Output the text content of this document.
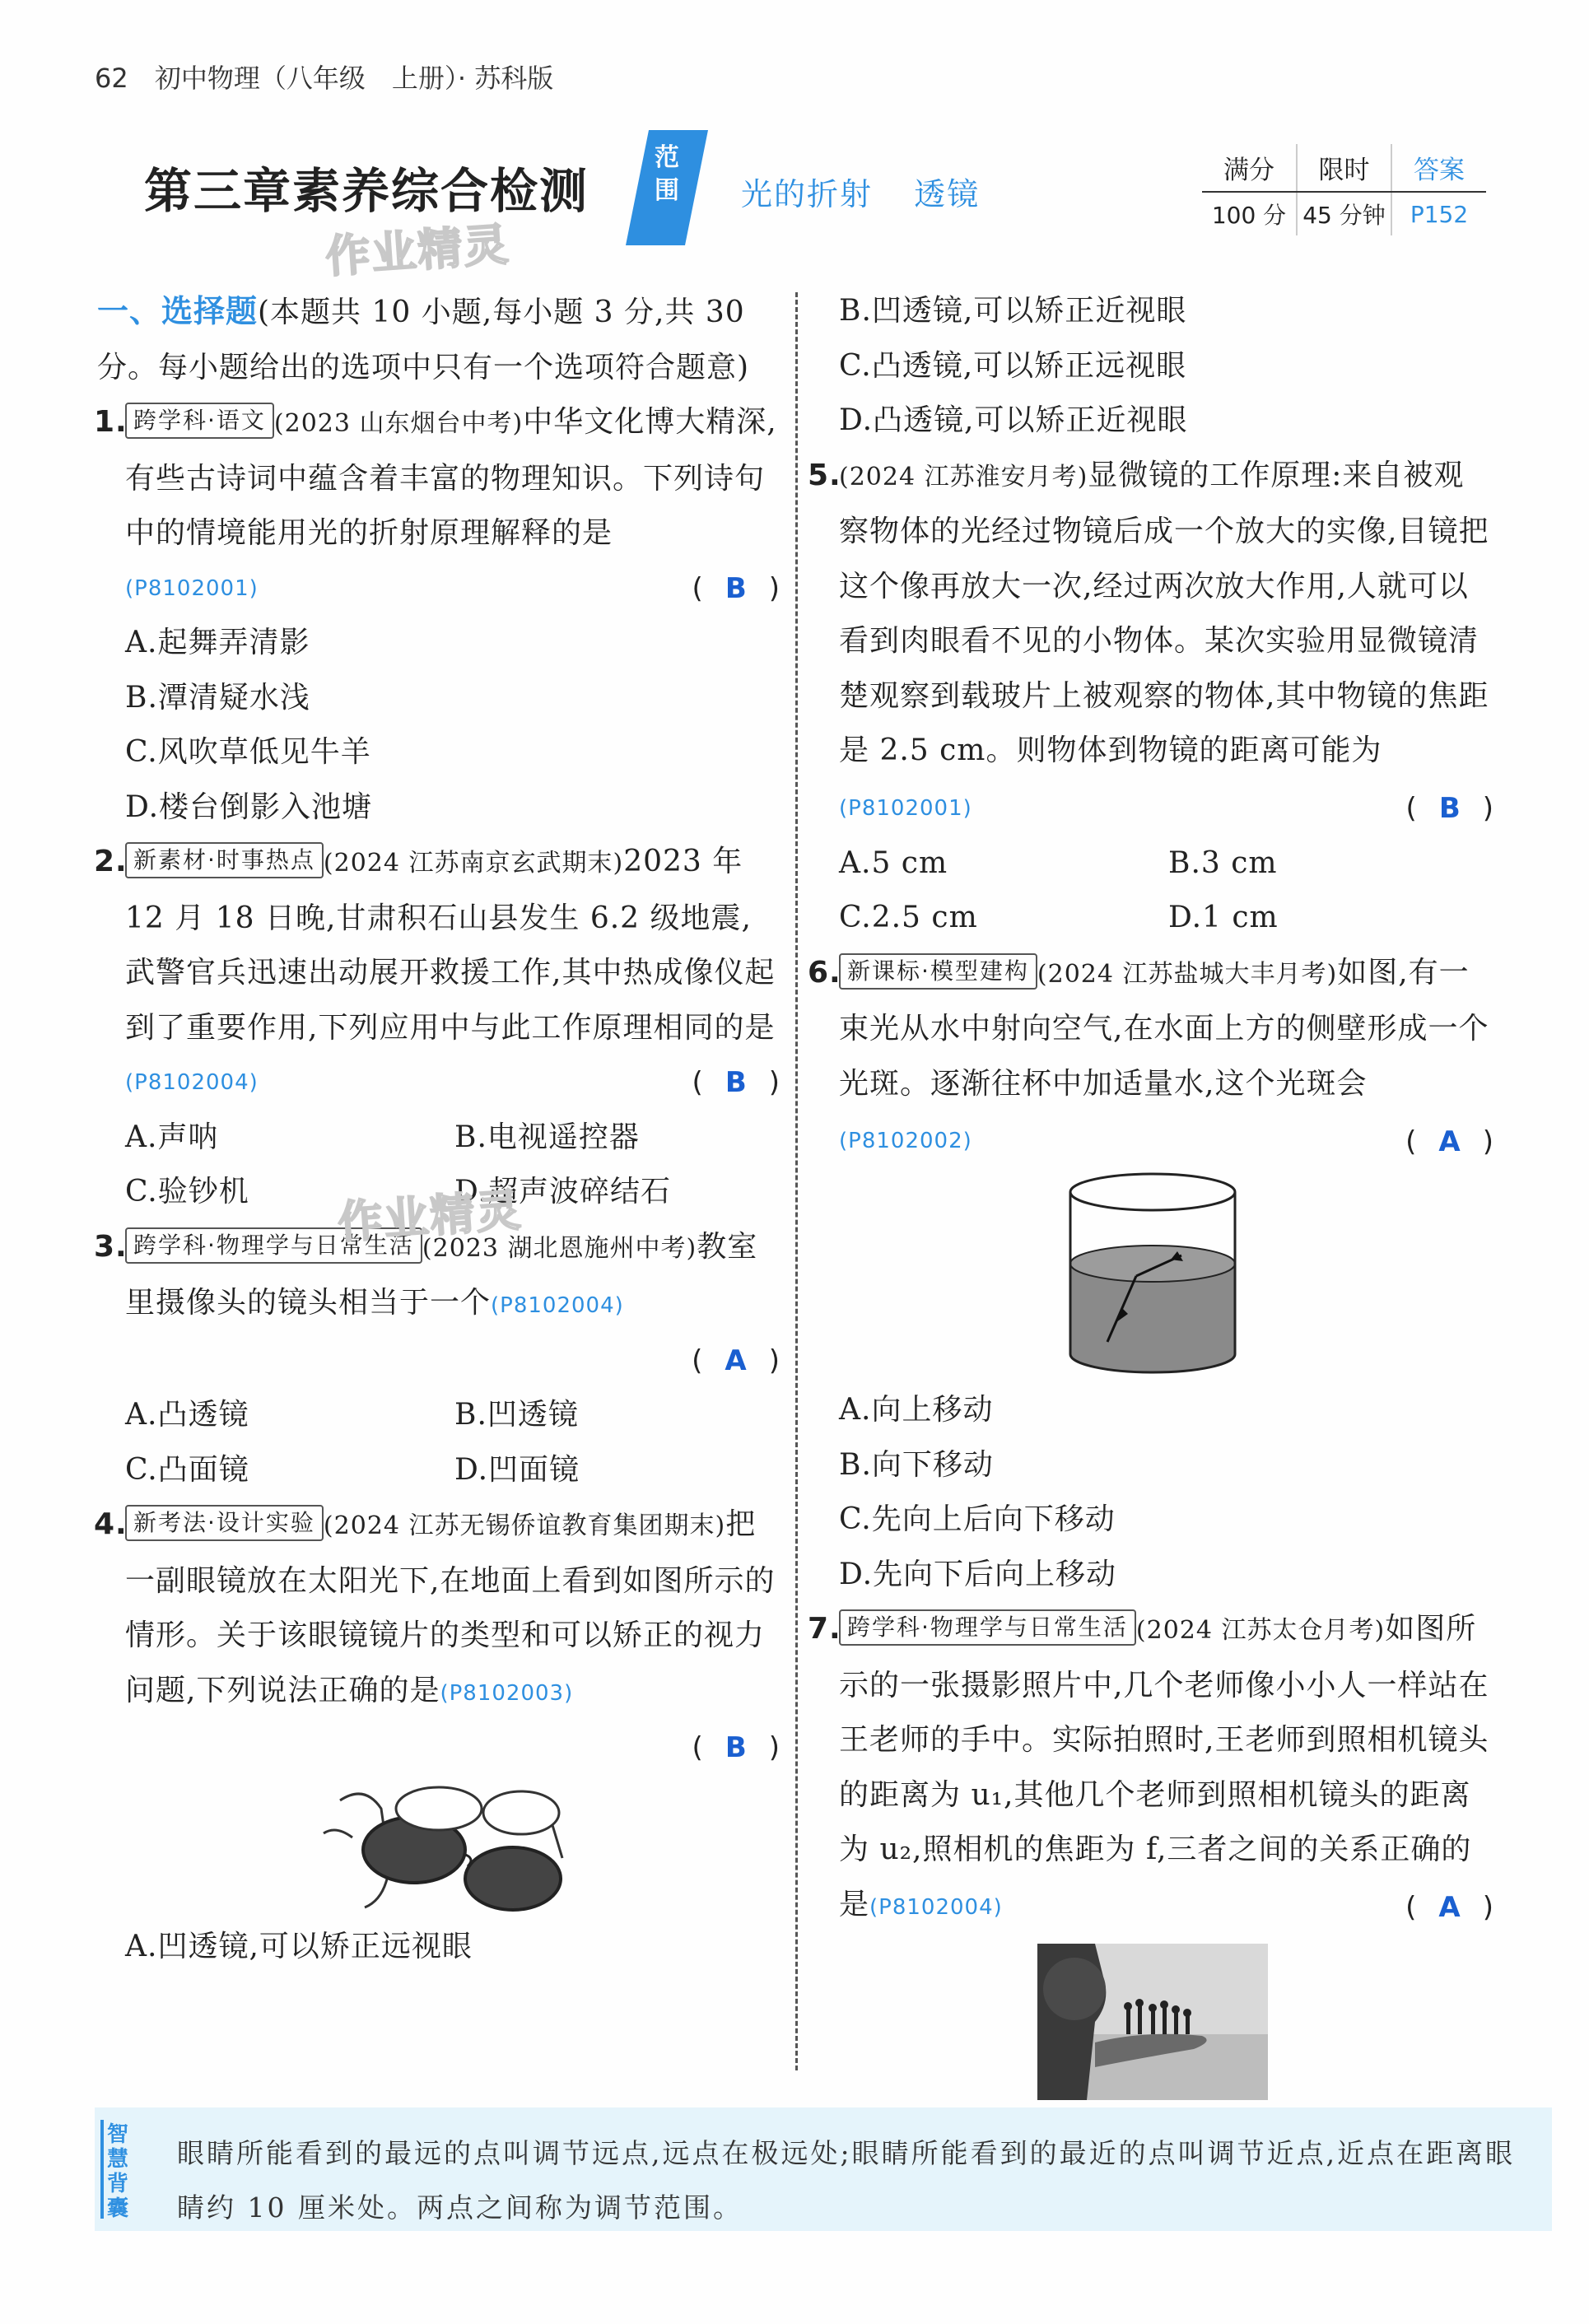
62 初中物理（八年级　上册）· 苏科版
第三章素养综合检测
作业精灵
范围 光的折射 透镜
满分	限时	答案
100 分	45 分钟	P152
一、选择题(本题共 10 小题,每小题 3 分,共 30 分。每小题给出的选项中只有一个选项符合题意)
1. 跨学科·语文 (2023 山东烟台中考)中华文化博大精深,有些古诗词中蕴含着丰富的物理知识。下列诗句中的情境能用光的折射原理解释的是
(P8102001)	( B )
A.起舞弄清影
B.潭清疑水浅
C.风吹草低见牛羊
D.楼台倒影入池塘
2. 新素材·时事热点 (2024 江苏南京玄武期末)2023 年 12 月 18 日晚,甘肃积石山县发生 6.2 级地震,武警官兵迅速出动展开救援工作,其中热成像仪起到了重要作用,下列应用中与此工作原理相同的是
(P8102004)	( B )
A.声呐	B.电视遥控器
C.验钞机	D.超声波碎结石
3. 跨学科·物理学与日常生活 (2023 湖北恩施州中考)教室里摄像头的镜头相当于一个(P8102004)
( A )
A.凸透镜	B.凹透镜
C.凸面镜	D.凹面镜
4. 新考法·设计实验 (2024 江苏无锡侨谊教育集团期末)把一副眼镜放在太阳光下,在地面上看到如图所示的情形。关于该眼镜镜片的类型和可以矫正的视力问题,下列说法正确的是(P8102003)
( B )
A.凹透镜,可以矫正远视眼
作业精灵
B.凹透镜,可以矫正近视眼
C.凸透镜,可以矫正远视眼
D.凸透镜,可以矫正近视眼
5.
(2024 江苏淮安月考)显微镜的工作原理:来自被观察物体的光经过物镜后成一个放大的实像,目镜把这个像再放大一次,经过两次放大作用,人就可以看到肉眼看不见的小物体。某次实验用显微镜清楚观察到载玻片上被观察的物体,其中物镜的焦距是 2.5 cm。则物体到物镜的距离可能为(P8102001)	( B )
A.5 cm	B.3 cm
C.2.5 cm	D.1 cm
6. 新课标·模型建构 (2024 江苏盐城大丰月考)如图,有一束光从水中射向空气,在水面上方的侧壁形成一个光斑。逐渐往杯中加适量水,这个光斑会(P8102002)	( A )
A.向上移动
B.向下移动
C.先向上后向下移动
D.先向下后向上移动
7. 跨学科·物理学与日常生活 (2024 江苏太仓月考)如图所示的一张摄影照片中,几个老师像小小人一样站在王老师的手中。实际拍照时,王老师到照相机镜头的距离为 u₁,其他几个老师到照相机镜头的距离为 u₂,照相机的焦距为 f,三者之间的关系正确的是(P8102004)	( A )
智慧背囊
眼睛所能看到的最远的点叫调节远点,远点在极远处;眼睛所能看到的最近的点叫调节近点,近点在距离眼睛约 10 厘米处。两点之间称为调节范围。
